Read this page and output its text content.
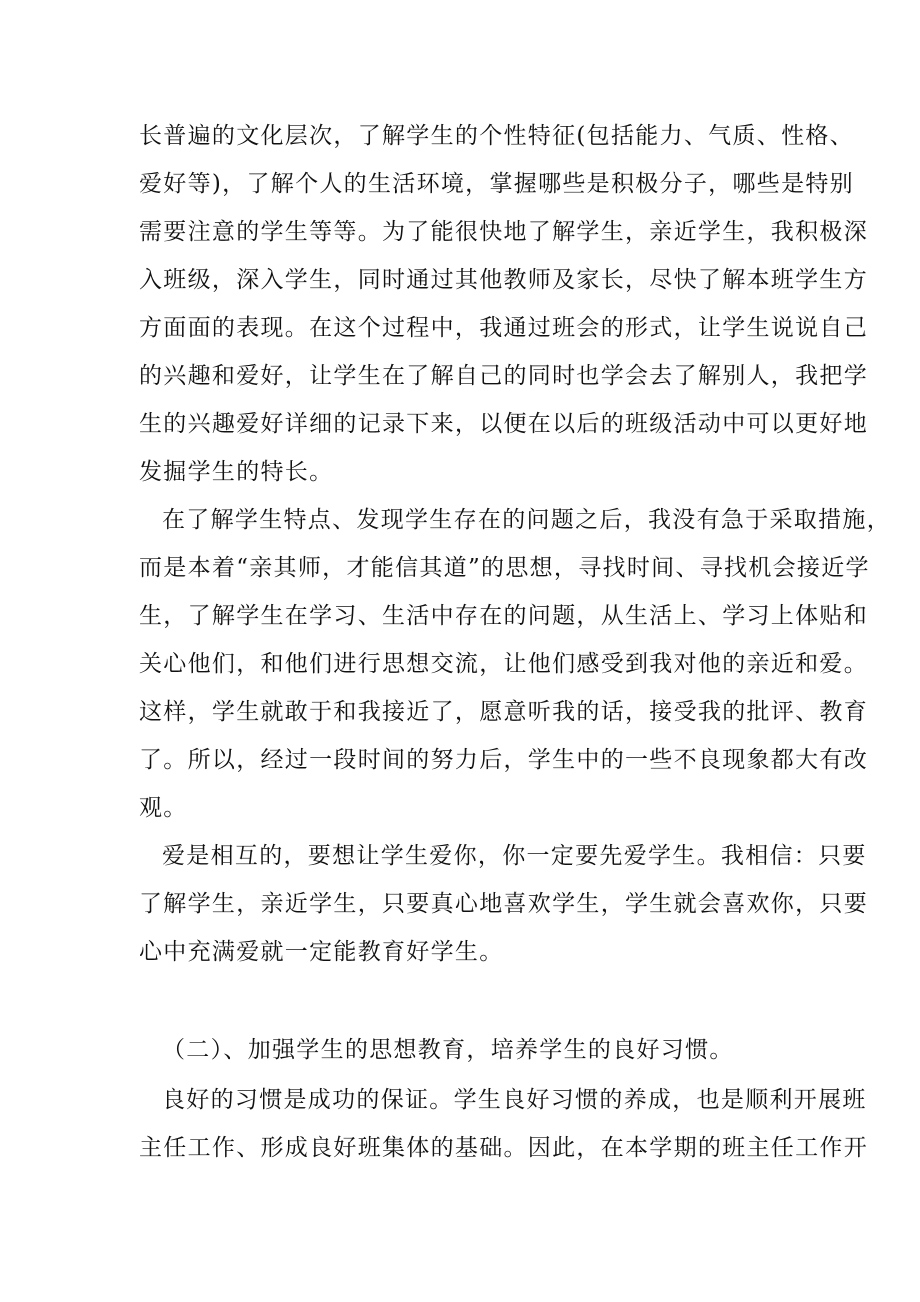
长普遍的文化层次，了解学生的个性特征(包括能力、气质、性格、
爱好等)，了解个人的生活环境，掌握哪些是积极分子，哪些是特别
需要注意的学生等等。为了能很快地了解学生，亲近学生，我积极深
入班级，深入学生，同时通过其他教师及家长，尽快了解本班学生方
方面面的表现。在这个过程中，我通过班会的形式，让学生说说自己
的兴趣和爱好，让学生在了解自己的同时也学会去了解别人，我把学
生的兴趣爱好详细的记录下来，以便在以后的班级活动中可以更好地
发掘学生的特长。
在了解学生特点、发现学生存在的问题之后，我没有急于采取措施，
而是本着“亲其师，才能信其道”的思想，寻找时间、寻找机会接近学
生，了解学生在学习、生活中存在的问题，从生活上、学习上体贴和
关心他们，和他们进行思想交流，让他们感受到我对他的亲近和爱。
这样，学生就敢于和我接近了，愿意听我的话，接受我的批评、教育
了。所以，经过一段时间的努力后，学生中的一些不良现象都大有改
观。
爱是相互的，要想让学生爱你，你一定要先爱学生。我相信：只要
了解学生，亲近学生，只要真心地喜欢学生，学生就会喜欢你，只要
心中充满爱就一定能教育好学生。
（二）、加强学生的思想教育，培养学生的良好习惯。
良好的习惯是成功的保证。学生良好习惯的养成，也是顺利开展班
主任工作、形成良好班集体的基础。因此，在本学期的班主任工作开
